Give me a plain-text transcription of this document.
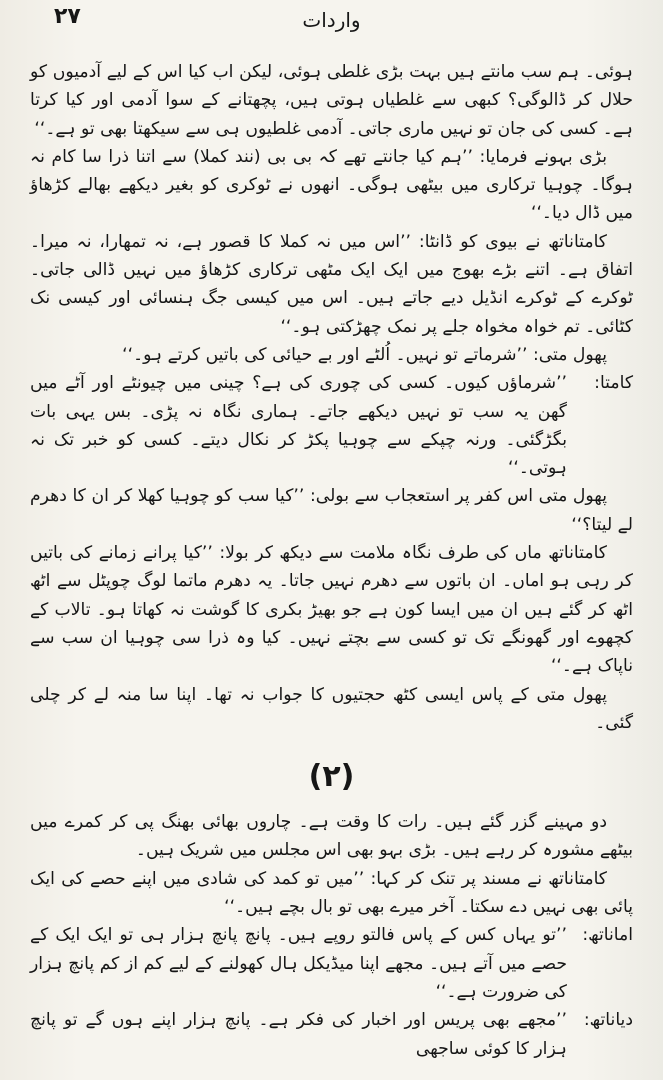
واردات
۲۷

ہوئی۔ ہم سب مانتے ہیں بہت بڑی غلطی ہوئی، لیکن اب کیا اس کے لیے آدمیوں کو حلال کر ڈالوگی؟ کبھی سے غلطیاں ہوتی ہیں، پچھتانے کے سوا آدمی اور کیا کرتا ہے۔ کسی کی جان تو نہیں ماری جاتی۔ آدمی غلطیوں ہی سے سیکھتا بھی تو ہے۔‘‘

بڑی بہونے فرمایا: ’’ہم کیا جانتے تھے کہ بی بی (نند کملا) سے اتنا ذرا سا کام نہ ہوگا۔ چوہیا ترکاری میں بیٹھی ہوگی۔ انھوں نے ٹوکری کو بغیر دیکھے بھالے کڑھاؤ میں ڈال دیا۔‘‘

کامتاناتھ نے بیوی کو ڈانٹا: ’’اس میں نہ کملا کا قصور ہے، نہ تمھارا، نہ میرا۔ اتفاق ہے۔ اتنے بڑے بھوج میں ایک ایک مٹھی ترکاری کڑھاؤ میں نہیں ڈالی جاتی۔ ٹوکرے کے ٹوکرے انڈیل دیے جاتے ہیں۔ اس میں کیسی جگ ہنسائی اور کیسی نک کٹائی۔ تم خواہ مخواہ جلے پر نمک چھڑکتی ہو۔‘‘

پھول متی: ’’شرماتے تو نہیں۔ اُلٹے اور بے حیائی کی باتیں کرتے ہو۔‘‘

کامتا:
’’شرماؤں کیوں۔ کسی کی چوری کی ہے؟ چینی میں چیونٹے اور آٹے میں گھن یہ سب تو نہیں دیکھے جاتے۔ ہماری نگاہ نہ پڑی۔ بس یہی بات بگڑگئی۔ ورنہ چپکے سے چوہیا پکڑ کر نکال دیتے۔ کسی کو خبر تک نہ ہوتی۔‘‘

پھول متی اس کفر پر استعجاب سے بولی: ’’کیا سب کو چوہیا کھلا کر ان کا دھرم لے لیتا؟‘‘

کامتاناتھ ماں کی طرف نگاہ ملامت سے دیکھ کر بولا: ’’کیا پرانے زمانے کی باتیں کر رہی ہو اماں۔ ان باتوں سے دھرم نہیں جاتا۔ یہ دھرم ماتما لوگ چوپٹل سے اٹھ اٹھ کر گئے ہیں ان میں ایسا کون ہے جو بھیڑ بکری کا گوشت نہ کھاتا ہو۔ تالاب کے کچھوے اور گھونگے تک تو کسی سے بچتے نہیں۔ کیا وہ ذرا سی چوہیا ان سب سے ناپاک ہے۔‘‘

پھول متی کے پاس ایسی کٹھ حجتیوں کا جواب نہ تھا۔ اپنا سا منہ لے کر چلی گئی۔

(۲)

دو مہینے گزر گئے ہیں۔ رات کا وقت ہے۔ چاروں بھائی بھنگ پی کر کمرے میں بیٹھے مشورہ کر رہے ہیں۔ بڑی بہو بھی اس مجلس میں شریک ہیں۔

کامتاناتھ نے مسند پر تنک کر کہا: ’’میں تو کمد کی شادی میں اپنے حصے کی ایک پائی بھی نہیں دے سکتا۔ آخر میرے بھی تو بال بچے ہیں۔‘‘

اماناتھ:
’’تو یہاں کس کے پاس فالتو روپے ہیں۔ پانچ پانچ ہزار ہی تو ایک ایک کے حصے میں آتے ہیں۔ مجھے اپنا میڈیکل ہال کھولنے کے لیے کم از کم پانچ ہزار کی ضرورت ہے۔‘‘
دیاناتھ:
’’مجھے بھی پریس اور اخبار کی فکر ہے۔ پانچ ہزار اپنے ہوں گے تو پانچ ہزار کا کوئی ساجھی
